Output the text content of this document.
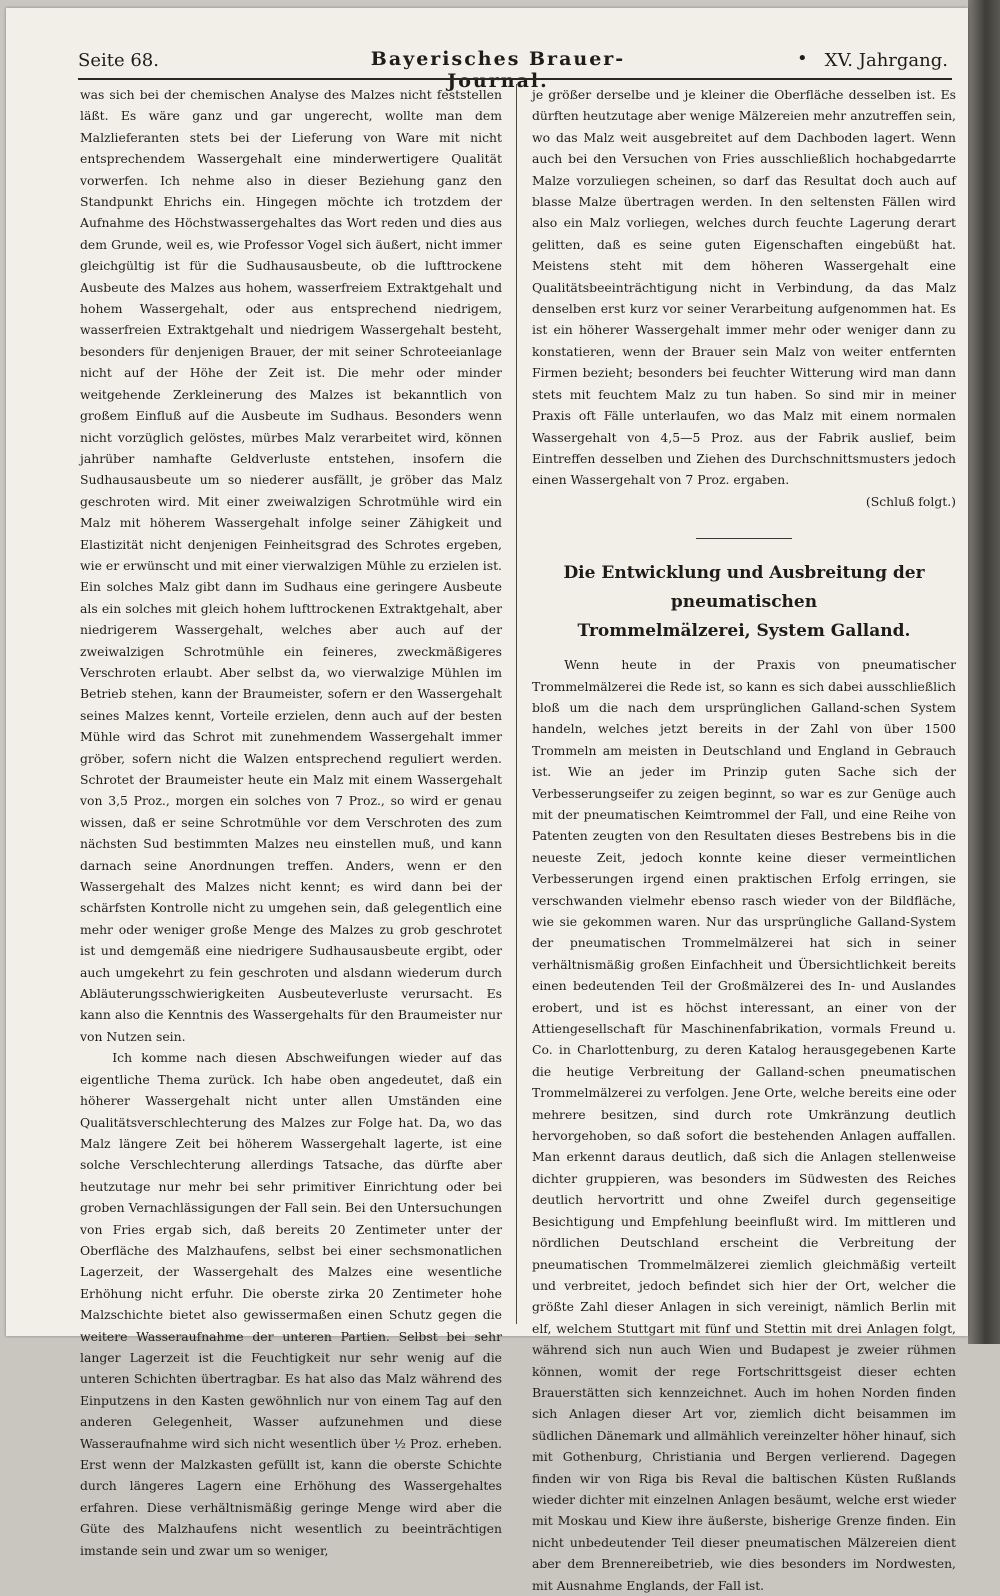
Seite 68.	Bayerisches Brauer-Journal.
• XV. Jahrgang.

was sich bei der chemischen Analyse des Malzes nicht feststellen läßt. Es wäre ganz und gar ungerecht, wollte man dem Malzlieferanten stets bei der Lieferung von Ware mit nicht entsprechendem Wassergehalt eine minderwertigere Qualität vorwerfen. Ich nehme also in dieser Beziehung ganz den Standpunkt Ehrichs ein. Hingegen möchte ich trotzdem der Aufnahme des Höchstwassergehaltes das Wort reden und dies aus dem Grunde, weil es, wie Professor Vogel sich äußert, nicht immer gleichgültig ist für die Sudhausausbeute, ob die lufttrockene Ausbeute des Malzes aus hohem, wasserfreiem Extraktgehalt und hohem Wassergehalt, oder aus entsprechend niedrigem, wasserfreien Extraktgehalt und niedrigem Wassergehalt besteht, besonders für denjenigen Brauer, der mit seiner Schroteeianlage nicht auf der Höhe der Zeit ist. Die mehr oder minder weitgehende Zerkleinerung des Malzes ist bekanntlich von großem Einfluß auf die Ausbeute im Sudhaus. Besonders wenn nicht vorzüglich gelöstes, mürbes Malz verarbeitet wird, können jahrüber namhafte Geldverluste entstehen, insofern die Sudhausausbeute um so niederer ausfällt, je gröber das Malz geschroten wird. Mit einer zweiwalzigen Schrotmühle wird ein Malz mit höherem Wassergehalt infolge seiner Zähigkeit und Elastizität nicht denjenigen Feinheitsgrad des Schrotes ergeben, wie er erwünscht und mit einer vierwalzigen Mühle zu erzielen ist. Ein solches Malz gibt dann im Sudhaus eine geringere Ausbeute als ein solches mit gleich hohem lufttrockenen Extraktgehalt, aber niedrigerem Wassergehalt, welches aber auch auf der zweiwalzigen Schrotmühle ein feineres, zweckmäßigeres Verschroten erlaubt. Aber selbst da, wo vierwalzige Mühlen im Betrieb stehen, kann der Braumeister, sofern er den Wassergehalt seines Malzes kennt, Vorteile erzielen, denn auch auf der besten Mühle wird das Schrot mit zunehmendem Wassergehalt immer gröber, sofern nicht die Walzen entsprechend reguliert werden. Schrotet der Braumeister heute ein Malz mit einem Wassergehalt von 3,5 Proz., morgen ein solches von 7 Proz., so wird er genau wissen, daß er seine Schrotmühle vor dem Verschroten des zum nächsten Sud bestimmten Malzes neu einstellen muß, und kann darnach seine Anordnungen treffen. Anders, wenn er den Wassergehalt des Malzes nicht kennt; es wird dann bei der schärfsten Kontrolle nicht zu umgehen sein, daß gelegentlich eine mehr oder weniger große Menge des Malzes zu grob geschrotet ist und demgemäß eine niedrigere Sudhausausbeute ergibt, oder auch umgekehrt zu fein geschroten und alsdann wiederum durch Abläuterungsschwierigkeiten Ausbeuteverluste verursacht. Es kann also die Kenntnis des Wassergehalts für den Braumeister nur von Nutzen sein.

Ich komme nach diesen Abschweifungen wieder auf das eigentliche Thema zurück. Ich habe oben angedeutet, daß ein höherer Wassergehalt nicht unter allen Umständen eine Qualitätsverschlechterung des Malzes zur Folge hat. Da, wo das Malz längere Zeit bei höherem Wassergehalt lagerte, ist eine solche Verschlechterung allerdings Tatsache, das dürfte aber heutzutage nur mehr bei sehr primitiver Einrichtung oder bei groben Vernachlässigungen der Fall sein. Bei den Untersuchungen von Fries ergab sich, daß bereits 20 Zentimeter unter der Oberfläche des Malzhaufens, selbst bei einer sechsmonatlichen Lagerzeit, der Wassergehalt des Malzes eine wesentliche Erhöhung nicht erfuhr. Die oberste zirka 20 Zentimeter hohe Malzschichte bietet also gewissermaßen einen Schutz gegen die weitere Wasseraufnahme der unteren Partien. Selbst bei sehr langer Lagerzeit ist die Feuchtigkeit nur sehr wenig auf die unteren Schichten übertragbar. Es hat also das Malz während des Einputzens in den Kasten gewöhnlich nur von einem Tag auf den anderen Gelegenheit, Wasser aufzunehmen und diese Wasseraufnahme wird sich nicht wesentlich über ½ Proz. erheben. Erst wenn der Malzkasten gefüllt ist, kann die oberste Schichte durch längeres Lagern eine Erhöhung des Wassergehaltes erfahren. Diese verhältnismäßig geringe Menge wird aber die Güte des Malzhaufens nicht wesentlich zu beeinträchtigen imstande sein und zwar um so weniger,

je größer derselbe und je kleiner die Oberfläche desselben ist. Es dürften heutzutage aber wenige Mälzereien mehr anzutreffen sein, wo das Malz weit ausgebreitet auf dem Dachboden lagert. Wenn auch bei den Versuchen von Fries ausschließlich hochabgedarrte Malze vorzuliegen scheinen, so darf das Resultat doch auch auf blasse Malze übertragen werden. In den seltensten Fällen wird also ein Malz vorliegen, welches durch feuchte Lagerung derart gelitten, daß es seine guten Eigenschaften eingebüßt hat. Meistens steht mit dem höheren Wassergehalt eine Qualitätsbeeinträchtigung nicht in Verbindung, da das Malz denselben erst kurz vor seiner Verarbeitung aufgenommen hat. Es ist ein höherer Wassergehalt immer mehr oder weniger dann zu konstatieren, wenn der Brauer sein Malz von weiter entfernten Firmen bezieht; besonders bei feuchter Witterung wird man dann stets mit feuchtem Malz zu tun haben. So sind mir in meiner Praxis oft Fälle unterlaufen, wo das Malz mit einem normalen Wassergehalt von 4,5—5 Proz. aus der Fabrik auslief, beim Eintreffen desselben und Ziehen des Durchschnittsmusters jedoch einen Wassergehalt von 7 Proz. ergaben.

(Schluß folgt.)

Die Entwicklung und Ausbreitung der pneumatischen
Trommelmälzerei, System Galland.

Wenn heute in der Praxis von pneumatischer Trommelmälzerei die Rede ist, so kann es sich dabei ausschließlich bloß um die nach dem ursprünglichen Galland-schen System handeln, welches jetzt bereits in der Zahl von über 1500 Trommeln am meisten in Deutschland und England in Gebrauch ist. Wie an jeder im Prinzip guten Sache sich der Verbesserungseifer zu zeigen beginnt, so war es zur Genüge auch mit der pneumatischen Keimtrommel der Fall, und eine Reihe von Patenten zeugten von den Resultaten dieses Bestrebens bis in die neueste Zeit, jedoch konnte keine dieser vermeintlichen Verbesserungen irgend einen praktischen Erfolg erringen, sie verschwanden vielmehr ebenso rasch wieder von der Bildfläche, wie sie gekommen waren. Nur das ursprüngliche Galland-System der pneumatischen Trommelmälzerei hat sich in seiner verhältnismäßig großen Einfachheit und Übersichtlichkeit bereits einen bedeutenden Teil der Großmälzerei des In- und Auslandes erobert, und ist es höchst interessant, an einer von der Attiengesellschaft für Maschinenfabrikation, vormals Freund u. Co. in Charlottenburg, zu deren Katalog herausgegebenen Karte die heutige Verbreitung der Galland-schen pneumatischen Trommelmälzerei zu verfolgen. Jene Orte, welche bereits eine oder mehrere besitzen, sind durch rote Umkränzung deutlich hervorgehoben, so daß sofort die bestehenden Anlagen auffallen. Man erkennt daraus deutlich, daß sich die Anlagen stellenweise dichter gruppieren, was besonders im Südwesten des Reiches deutlich hervortritt und ohne Zweifel durch gegenseitige Besichtigung und Empfehlung beeinflußt wird. Im mittleren und nördlichen Deutschland erscheint die Verbreitung der pneumatischen Trommelmälzerei ziemlich gleichmäßig verteilt und verbreitet, jedoch befindet sich hier der Ort, welcher die größte Zahl dieser Anlagen in sich vereinigt, nämlich Berlin mit elf, welchem Stuttgart mit fünf und Stettin mit drei Anlagen folgt, während sich nun auch Wien und Budapest je zweier rühmen können, womit der rege Fortschrittsgeist dieser echten Brauerstätten sich kennzeichnet. Auch im hohen Norden finden sich Anlagen dieser Art vor, ziemlich dicht beisammen im südlichen Dänemark und allmählich vereinzelter höher hinauf, sich mit Gothenburg, Christiania und Bergen verlierend. Dagegen finden wir von Riga bis Reval die baltischen Küsten Rußlands wieder dichter mit einzelnen Anlagen besäumt, welche erst wieder mit Moskau und Kiew ihre äußerste, bisherige Grenze finden. Ein nicht unbedeutender Teil dieser pneumatischen Mälzereien dient aber dem Brennereibetrieb, wie dies besonders im Nordwesten, mit Ausnahme Englands, der Fall ist.
